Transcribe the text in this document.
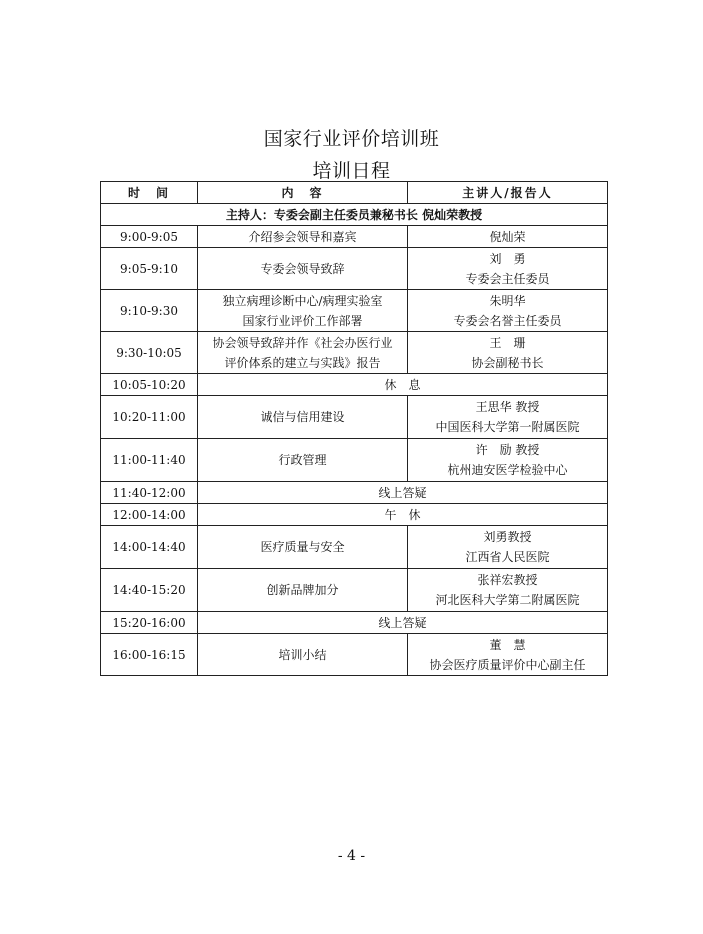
国家行业评价培训班
培训日程
时　间	内　容	主讲人/报告人
主持人：专委会副主任委员兼秘书长 倪灿荣教授		
9:00-9:05	介绍参会领导和嘉宾	倪灿荣

9:05-9:10	专委会领导致辞	刘　勇
专委会主任委员

9:10-9:30	独立病理诊断中心/病理实验室
国家行业评价工作部署	朱明华
专委会名誉主任委员

9:30-10:05	协会领导致辞并作《社会办医行业
评价体系的建立与实践》报告	王　珊
协会副秘书长

10:05-10:20	休　息	
10:20-11:00	诚信与信用建设	王思华 教授
中国医科大学第一附属医院

11:00-11:40	行政管理	许　励 教授
杭州迪安医学检验中心

11:40-12:00	线上答疑	
12:00-14:00	午　休	
14:00-14:40	医疗质量与安全	刘勇教授
江西省人民医院

14:40-15:20	创新品牌加分	张祥宏教授
河北医科大学第二附属医院

15:20-16:00	线上答疑	
16:00-16:15	培训小结	董　慧
协会医疗质量评价中心副主任
- 4 -
